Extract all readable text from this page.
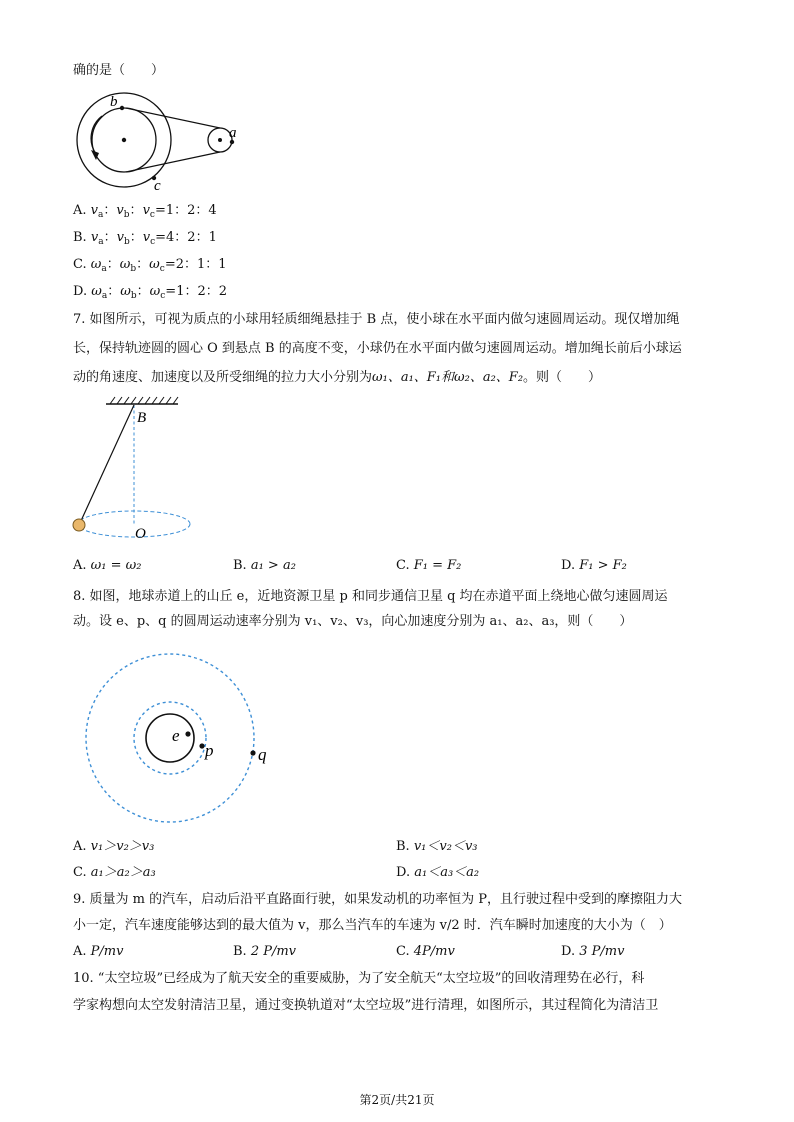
确的是（　　）
b
a
c
A. $v_a$：$v_b$：$v_c=1$：2：4
B. $v_a$：$v_b$：$v_c=4$：2：1
C. $\omega_a$：$\omega_b$：$\omega_c=2$：1：1
D. $\omega_a$：$\omega_b$：$\omega_c=1$：2：2
7. 如图所示，可视为质点的小球用轻质细绳悬挂于 B 点，使小球在水平面内做匀速圆周运动。现仅增加绳
长，保持轨迹圆的圆心 O 到悬点 B 的高度不变，小球仍在水平面内做匀速圆周运动。增加绳长前后小球运
动的角速度、加速度以及所受细绳的拉力大小分别为ω₁、a₁、F₁和ω₂、a₂、F₂。则（　　）
B
O
A. ω₁ = ω₂	B. a₁ > a₂	C. F₁ = F₂	D. F₁ > F₂
8. 如图，地球赤道上的山丘 e，近地资源卫星 p 和同步通信卫星 q 均在赤道平面上绕地心做匀速圆周运
动。设 e、p、q 的圆周运动速率分别为 v₁、v₂、v₃，向心加速度分别为 a₁、a₂、a₃，则（　　）
e
p	q
A. v₁＞v₂＞v₃	B. v₁＜v₂＜v₃
C. a₁＞a₂＞a₃	D. a₁＜a₃＜a₂
9. 质量为 m 的汽车，启动后沿平直路面行驶，如果发动机的功率恒为 P，且行驶过程中受到的摩擦阻力大
小一定，汽车速度能够达到的最大值为 v，那么当汽车的车速为 v/2 时．汽车瞬时加速度的大小为（　）
A. P/mv	B. 2 P/mv	C. 4P/mv	D. 3 P/mv
10. “太空垃圾”已经成为了航天安全的重要威胁，为了安全航天“太空垃圾”的回收清理势在必行，科
学家构想向太空发射清洁卫星，通过变换轨道对“太空垃圾”进行清理，如图所示，其过程简化为清洁卫
第2页/共21页
